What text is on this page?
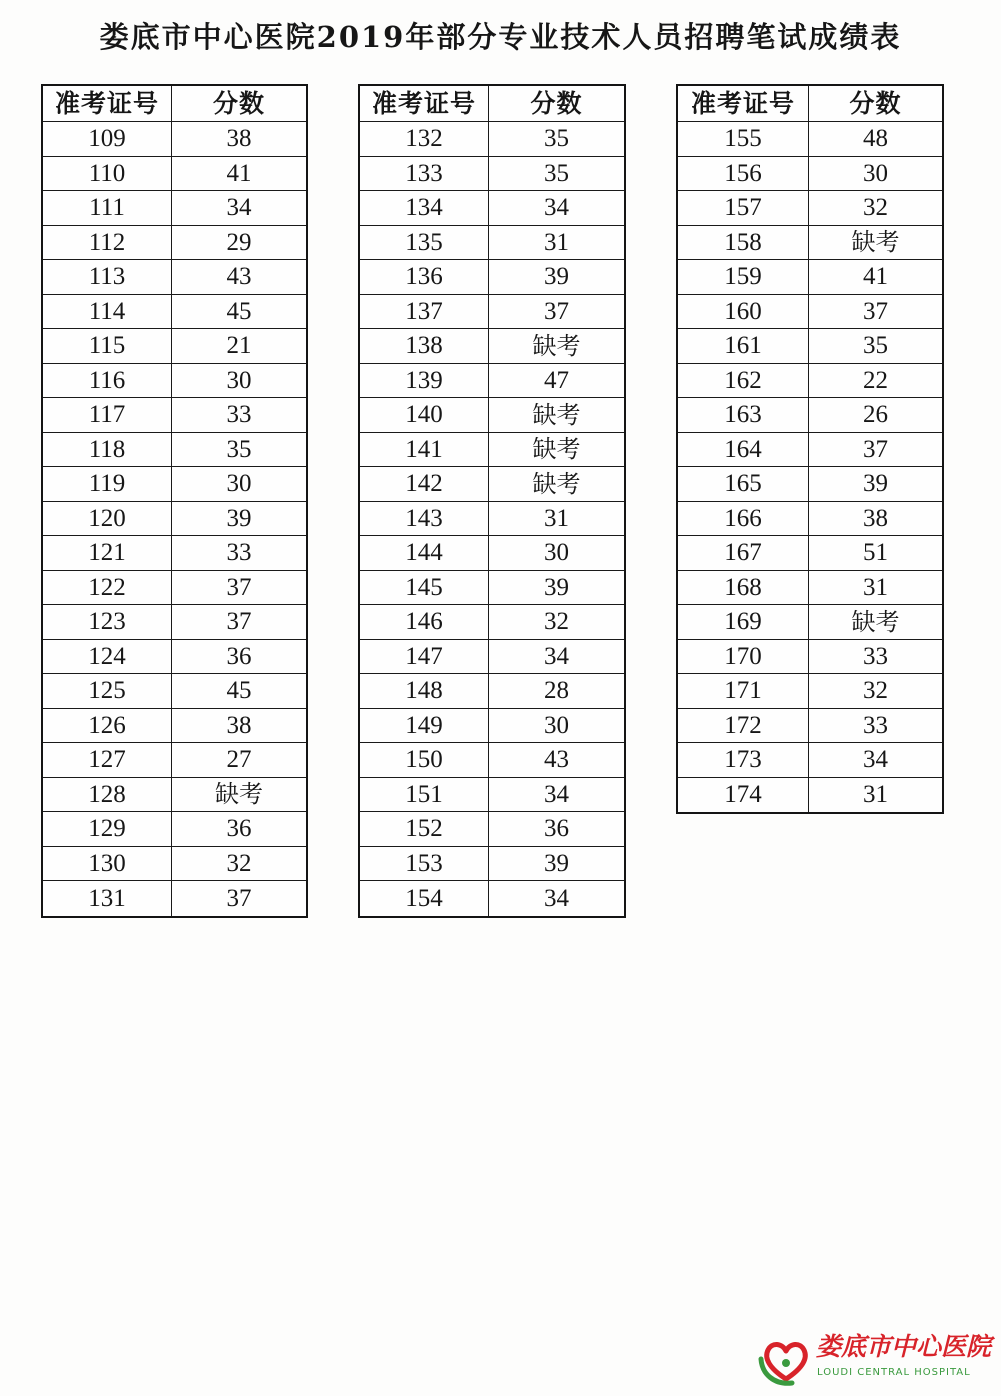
娄底市中心医院2019年部分专业技术人员招聘笔试成绩表
准考证号	分数
109	38
110	41
111	34
112	29
113	43
114	45
115	21
116	30
117	33
118	35
119	30
120	39
121	33
122	37
123	37
124	36
125	45
126	38
127	27
128	缺考
129	36
130	32
131	37
准考证号	分数
132	35
133	35
134	34
135	31
136	39
137	37
138	缺考
139	47
140	缺考
141	缺考
142	缺考
143	31
144	30
145	39
146	32
147	34
148	28
149	30
150	43
151	34
152	36
153	39
154	34
准考证号	分数
155	48
156	30
157	32
158	缺考
159	41
160	37
161	35
162	22
163	26
164	37
165	39
166	38
167	51
168	31
169	缺考
170	33
171	32
172	33
173	34
174	31
娄底市中心医院
LOUDI CENTRAL HOSPITAL
